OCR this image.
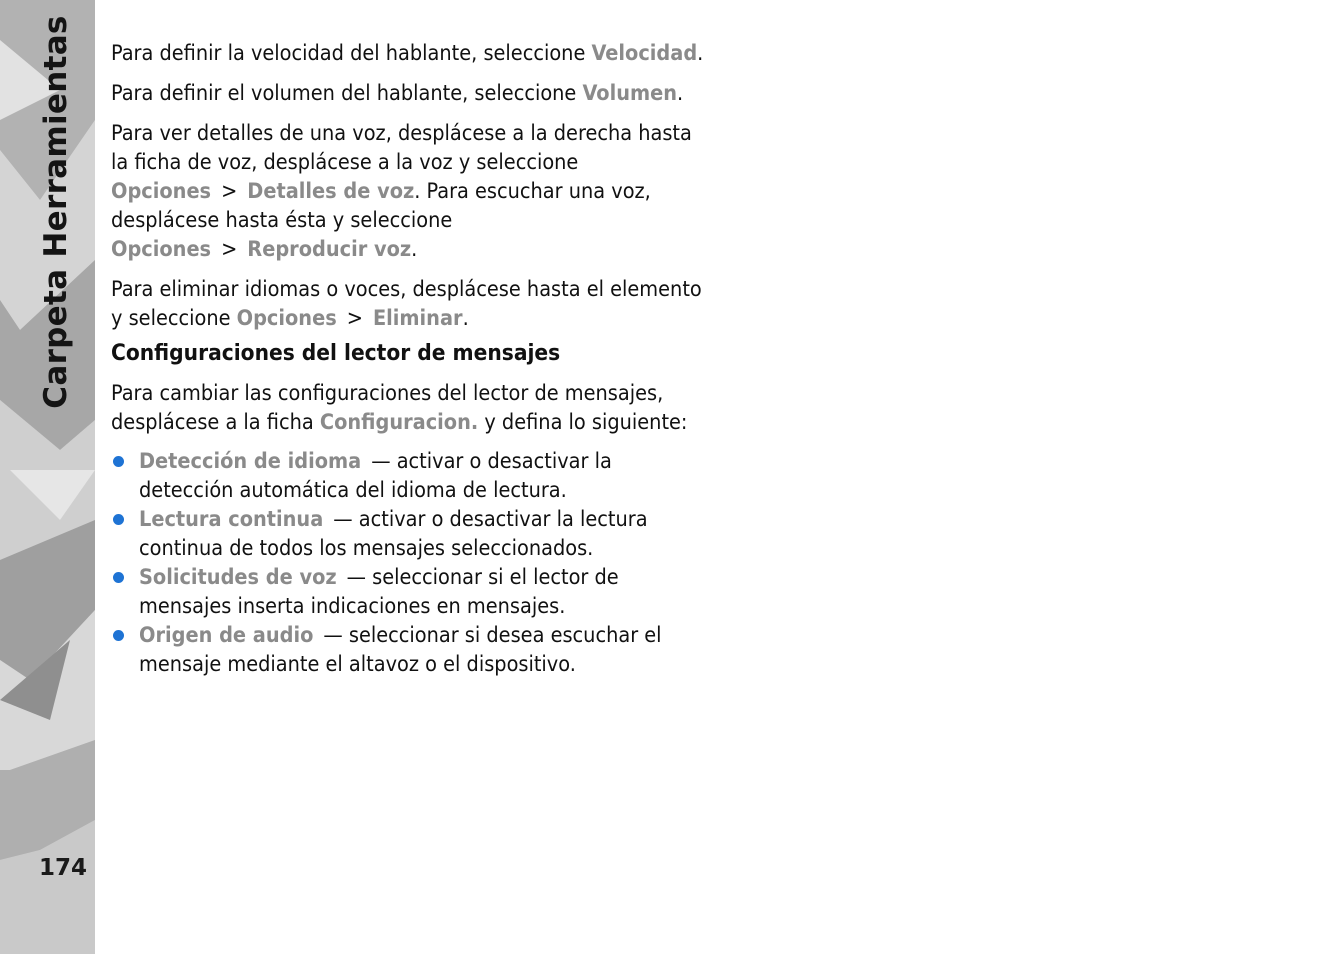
Carpeta Herramientas
174

Para definir la velocidad del hablante, seleccione Velocidad.

Para definir el volumen del hablante, seleccione Volumen.

Para ver detalles de una voz, desplácese a la derecha hasta la ficha de voz, desplácese a la voz y seleccione Opciones > Detalles de voz. Para escuchar una voz, desplácese hasta ésta y seleccione Opciones > Reproducir voz.

Para eliminar idiomas o voces, desplácese hasta el elemento y seleccione Opciones > Eliminar.

Configuraciones del lector de mensajes

Para cambiar las configuraciones del lector de mensajes, desplácese a la ficha Configuracion. y defina lo siguiente:

Detección de idioma — activar o desactivar la detección automática del idioma de lectura.
Lectura continua — activar o desactivar la lectura continua de todos los mensajes seleccionados.
Solicitudes de voz — seleccionar si el lector de mensajes inserta indicaciones en mensajes.
Origen de audio — seleccionar si desea escuchar el mensaje mediante el altavoz o el dispositivo.
